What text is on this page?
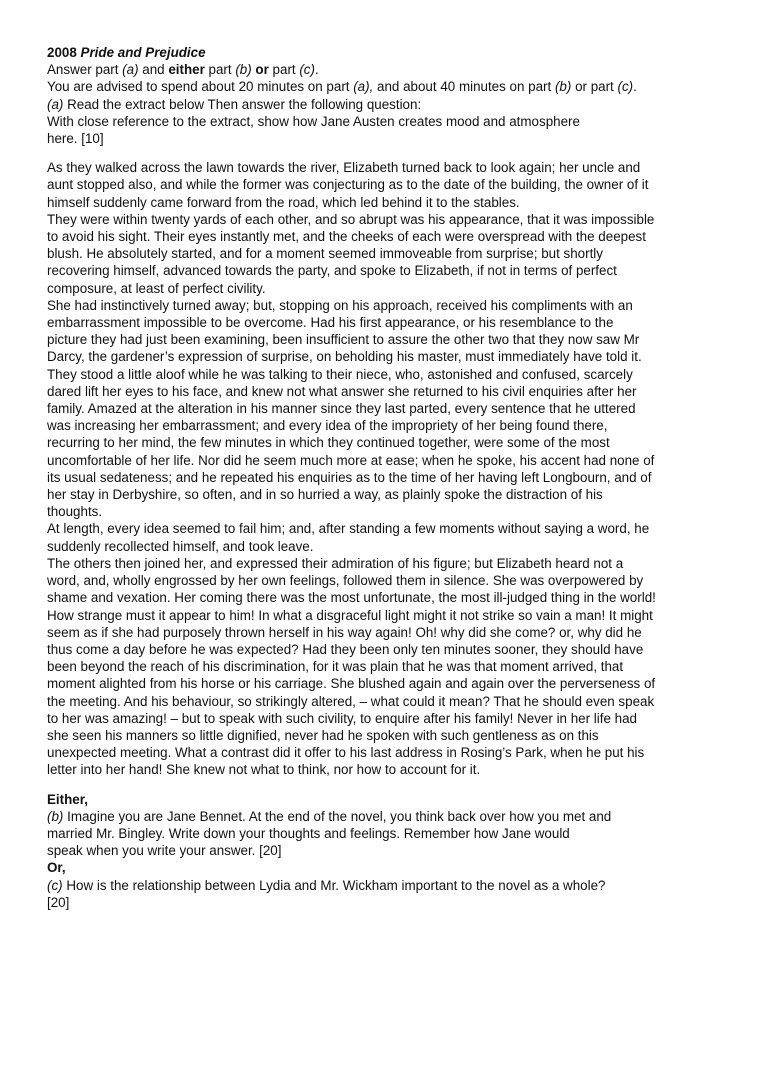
2008 Pride and Prejudice
Answer part (a) and either part (b) or part (c).
You are advised to spend about 20 minutes on part (a), and about 40 minutes on part (b) or part (c).
(a) Read the extract below Then answer the following question:
With close reference to the extract, show how Jane Austen creates mood and atmosphere
here. [10]

As they walked across the lawn towards the river, Elizabeth turned back to look again; her uncle and
aunt stopped also, and while the former was conjecturing as to the date of the building, the owner of it
himself suddenly came forward from the road, which led behind it to the stables.

They were within twenty yards of each other, and so abrupt was his appearance, that it was impossible
to avoid his sight. Their eyes instantly met, and the cheeks of each were overspread with the deepest
blush. He absolutely started, and for a moment seemed immoveable from surprise; but shortly
recovering himself, advanced towards the party, and spoke to Elizabeth, if not in terms of perfect
composure, at least of perfect civility.

She had instinctively turned away; but, stopping on his approach, received his compliments with an
embarrassment impossible to be overcome. Had his first appearance, or his resemblance to the
picture they had just been examining, been insufficient to assure the other two that they now saw Mr
Darcy, the gardener’s expression of surprise, on beholding his master, must immediately have told it.
They stood a little aloof while he was talking to their niece, who, astonished and confused, scarcely
dared lift her eyes to his face, and knew not what answer she returned to his civil enquiries after her
family. Amazed at the alteration in his manner since they last parted, every sentence that he uttered
was increasing her embarrassment; and every idea of the impropriety of her being found there,
recurring to her mind, the few minutes in which they continued together, were some of the most
uncomfortable of her life. Nor did he seem much more at ease; when he spoke, his accent had none of
its usual sedateness; and he repeated his enquiries as to the time of her having left Longbourn, and of
her stay in Derbyshire, so often, and in so hurried a way, as plainly spoke the distraction of his
thoughts.

At length, every idea seemed to fail him; and, after standing a few moments without saying a word, he
suddenly recollected himself, and took leave.

The others then joined her, and expressed their admiration of his figure; but Elizabeth heard not a
word, and, wholly engrossed by her own feelings, followed them in silence. She was overpowered by
shame and vexation. Her coming there was the most unfortunate, the most ill-judged thing in the world!
How strange must it appear to him! In what a disgraceful light might it not strike so vain a man! It might
seem as if she had purposely thrown herself in his way again! Oh! why did she come? or, why did he
thus come a day before he was expected? Had they been only ten minutes sooner, they should have
been beyond the reach of his discrimination, for it was plain that he was that moment arrived, that
moment alighted from his horse or his carriage. She blushed again and again over the perverseness of
the meeting. And his behaviour, so strikingly altered, – what could it mean? That he should even speak
to her was amazing! – but to speak with such civility, to enquire after his family! Never in her life had
she seen his manners so little dignified, never had he spoken with such gentleness as on this
unexpected meeting. What a contrast did it offer to his last address in Rosing’s Park, when he put his
letter into her hand! She knew not what to think, nor how to account for it.

Either,
(b) Imagine you are Jane Bennet. At the end of the novel, you think back over how you met and
married Mr. Bingley. Write down your thoughts and feelings. Remember how Jane would
speak when you write your answer. [20]
Or,
(c) How is the relationship between Lydia and Mr. Wickham important to the novel as a whole?
[20]
